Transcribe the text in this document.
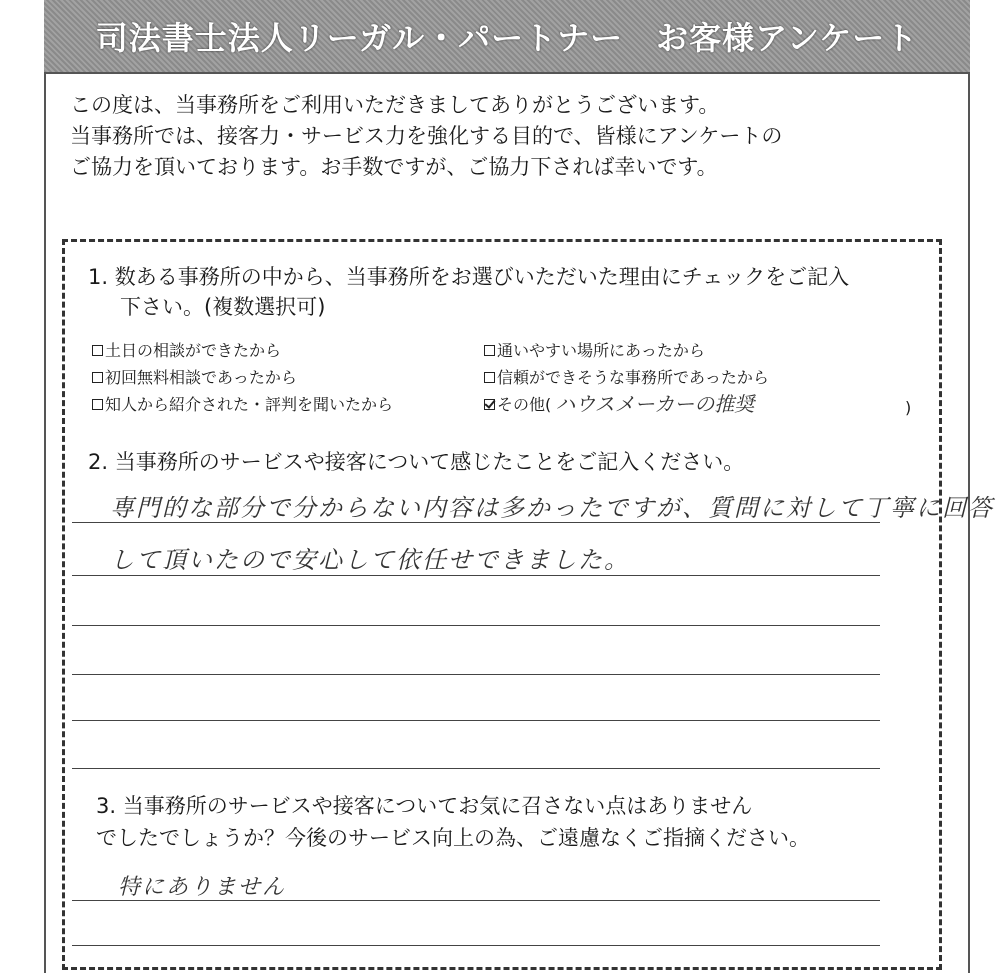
司法書士法人リーガル・パートナー　お客様アンケート
この度は、当事務所をご利用いただきましてありがとうございます。
当事務所では、接客力・サービス力を強化する目的で、皆様にアンケートの
ご協力を頂いております。お手数ですが、ご協力下されば幸いです。
1. 数ある事務所の中から、当事務所をお選びいただいた理由にチェックをご記入
下さい。(複数選択可)
土日の相談ができたから
初回無料相談であったから
知人から紹介された・評判を聞いたから
通いやすい場所にあったから
信頼ができそうな事務所であったから
その他( ハウスメーカーの推奨	)
2. 当事務所のサービスや接客について感じたことをご記入ください。
専門的な部分で分からない内容は多かったですが、質問に対して丁寧に回答
して頂いたので安心して依任せできました。
3. 当事務所のサービスや接客についてお気に召さない点はありません
でしたでしょうか？今後のサービス向上の為、ご遠慮なくご指摘ください。
特にありません
